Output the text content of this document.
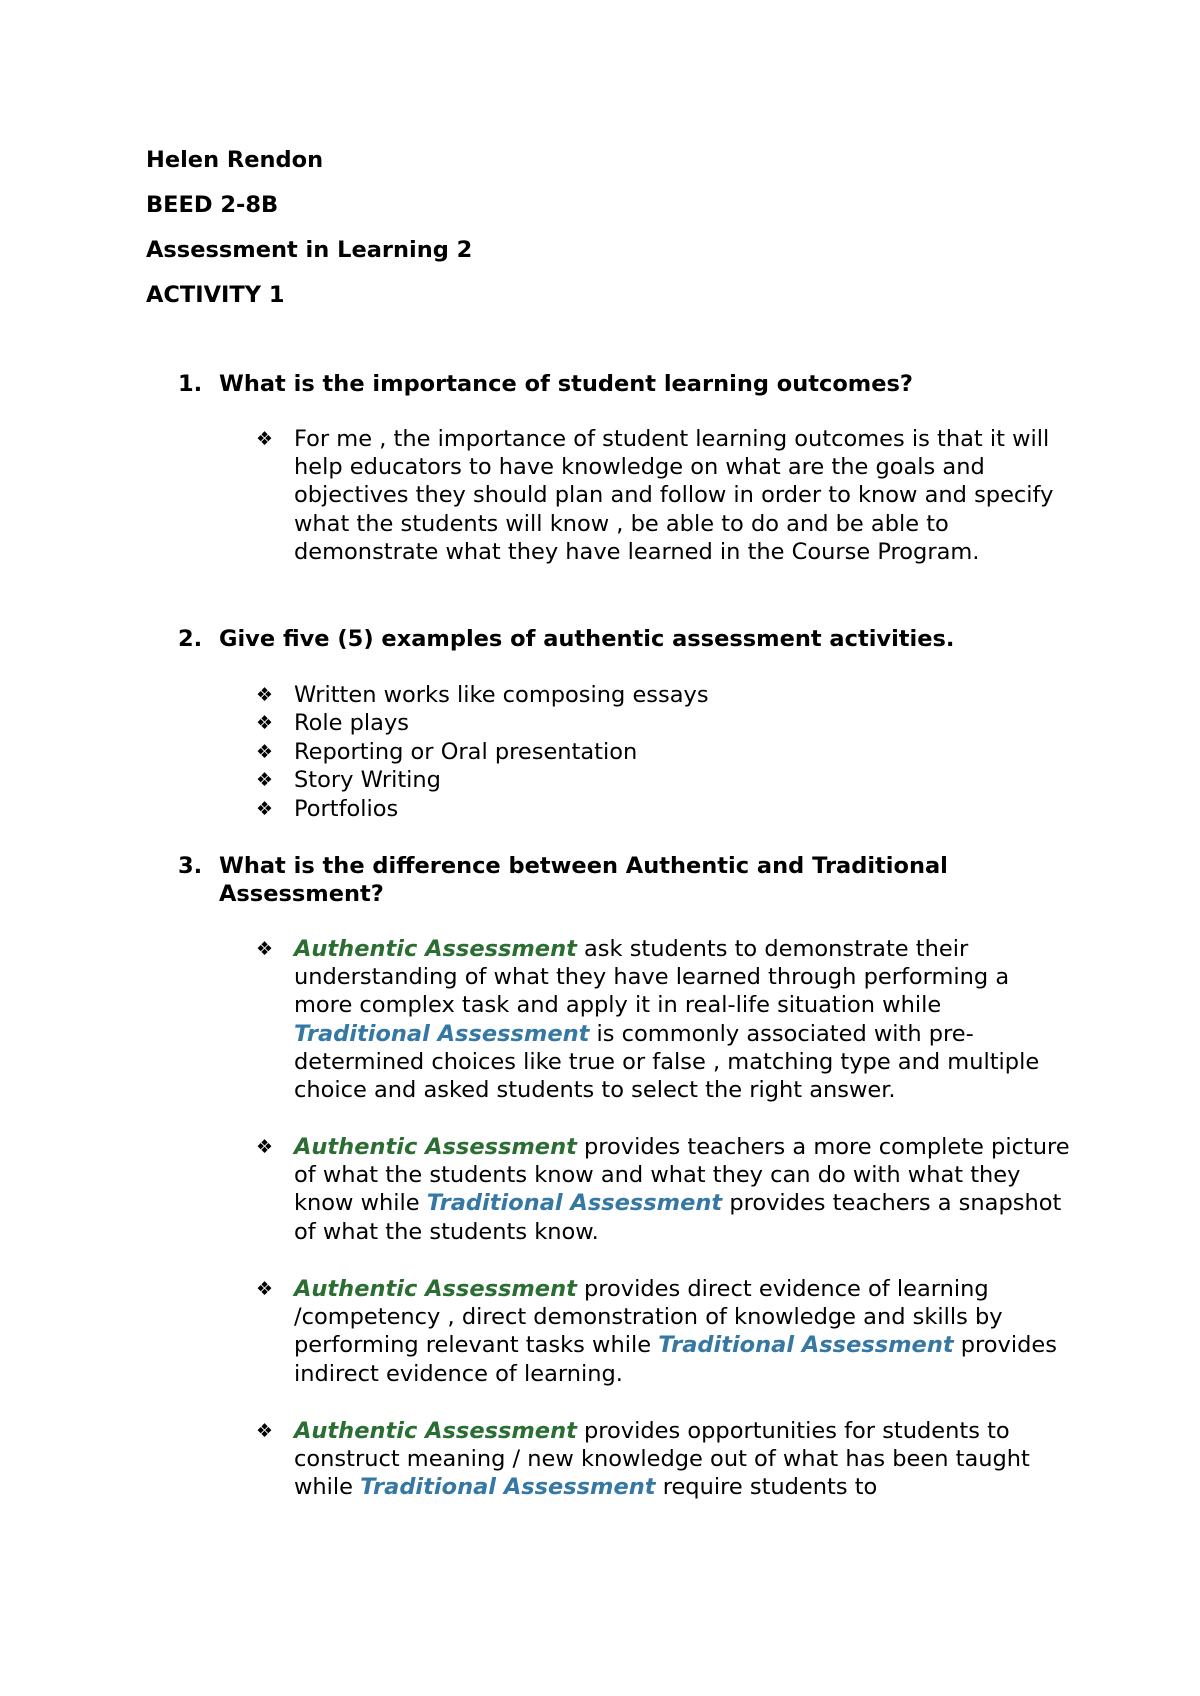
Helen Rendon
BEED 2-8B
Assessment in Learning 2
ACTIVITY 1
1. What is the importance of student learning outcomes?
❖ For me , the importance of student learning outcomes is that it will help educators to have knowledge on what are the goals and objectives they should plan and follow in order to know and specify what the students will know , be able to do and be able to demonstrate what they have learned in the Course Program.
2. Give five (5) examples of authentic assessment activities.
❖ Written works like composing essays
❖ Role plays
❖ Reporting or Oral presentation
❖ Story Writing
❖ Portfolios
3. What is the difference between Authentic and Traditional Assessment?
❖ Authentic Assessment ask students to demonstrate their understanding of what they have learned through performing a more complex task and apply it in real-life situation while Traditional Assessment is commonly associated with pre-determined choices like true or false , matching type and multiple choice and asked students to select the right answer.
❖ Authentic Assessment provides teachers a more complete picture of what the students know and what they can do with what they know while Traditional Assessment provides teachers a snapshot of what the students know.
❖ Authentic Assessment provides direct evidence of learning /competency , direct demonstration of knowledge and skills by performing relevant tasks while Traditional Assessment provides indirect evidence of learning.
❖ Authentic Assessment provides opportunities for students to construct meaning / new knowledge out of what has been taught while Traditional Assessment require students to
